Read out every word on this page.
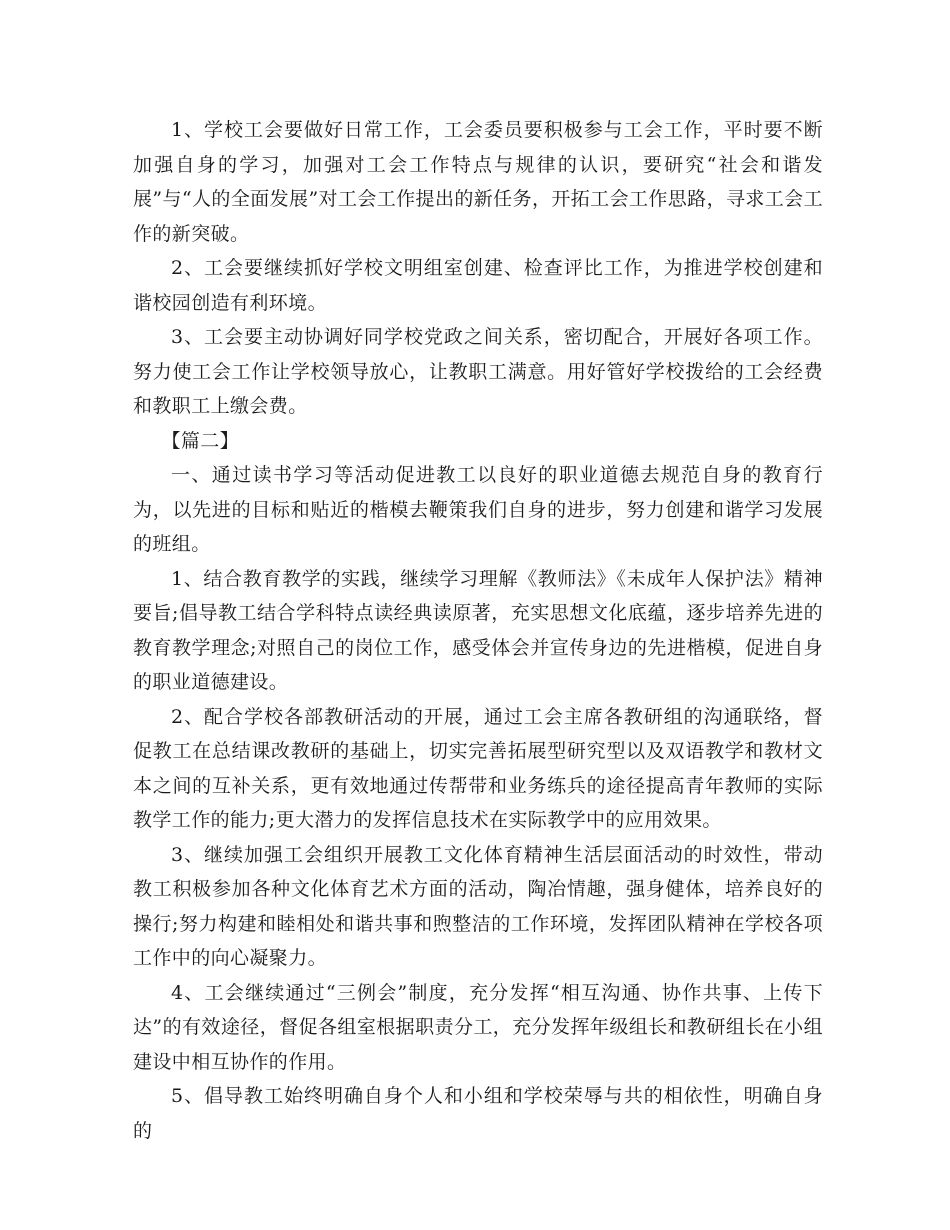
1、学校工会要做好日常工作，工会委员要积极参与工会工作，平时要不断加强自身的学习，加强对工会工作特点与规律的认识，要研究“社会和谐发展”与“人的全面发展”对工会工作提出的新任务，开拓工会工作思路，寻求工会工作的新突破。

2、工会要继续抓好学校文明组室创建、检查评比工作，为推进学校创建和谐校园创造有利环境。

3、工会要主动协调好同学校党政之间关系，密切配合，开展好各项工作。努力使工会工作让学校领导放心，让教职工满意。用好管好学校拨给的工会经费和教职工上缴会费。

【篇二】

一、通过读书学习等活动促进教工以良好的职业道德去规范自身的教育行为，以先进的目标和贴近的楷模去鞭策我们自身的进步，努力创建和谐学习发展的班组。

1、结合教育教学的实践，继续学习理解《教师法》《未成年人保护法》精神要旨;倡导教工结合学科特点读经典读原著，充实思想文化底蕴，逐步培养先进的教育教学理念;对照自己的岗位工作，感受体会并宣传身边的先进楷模，促进自身的职业道德建设。

2、配合学校各部教研活动的开展，通过工会主席各教研组的沟通联络，督促教工在总结课改教研的基础上，切实完善拓展型研究型以及双语教学和教材文本之间的互补关系，更有效地通过传帮带和业务练兵的途径提高青年教师的实际教学工作的能力;更大潜力的发挥信息技术在实际教学中的应用效果。

3、继续加强工会组织开展教工文化体育精神生活层面活动的时效性，带动教工积极参加各种文化体育艺术方面的活动，陶冶情趣，强身健体，培养良好的操行;努力构建和睦相处和谐共事和煦整洁的工作环境，发挥团队精神在学校各项工作中的向心凝聚力。

4、工会继续通过“三例会”制度，充分发挥“相互沟通、协作共事、上传下达”的有效途径，督促各组室根据职责分工，充分发挥年级组长和教研组长在小组建设中相互协作的作用。

5、倡导教工始终明确自身个人和小组和学校荣辱与共的相依性，明确自身的
